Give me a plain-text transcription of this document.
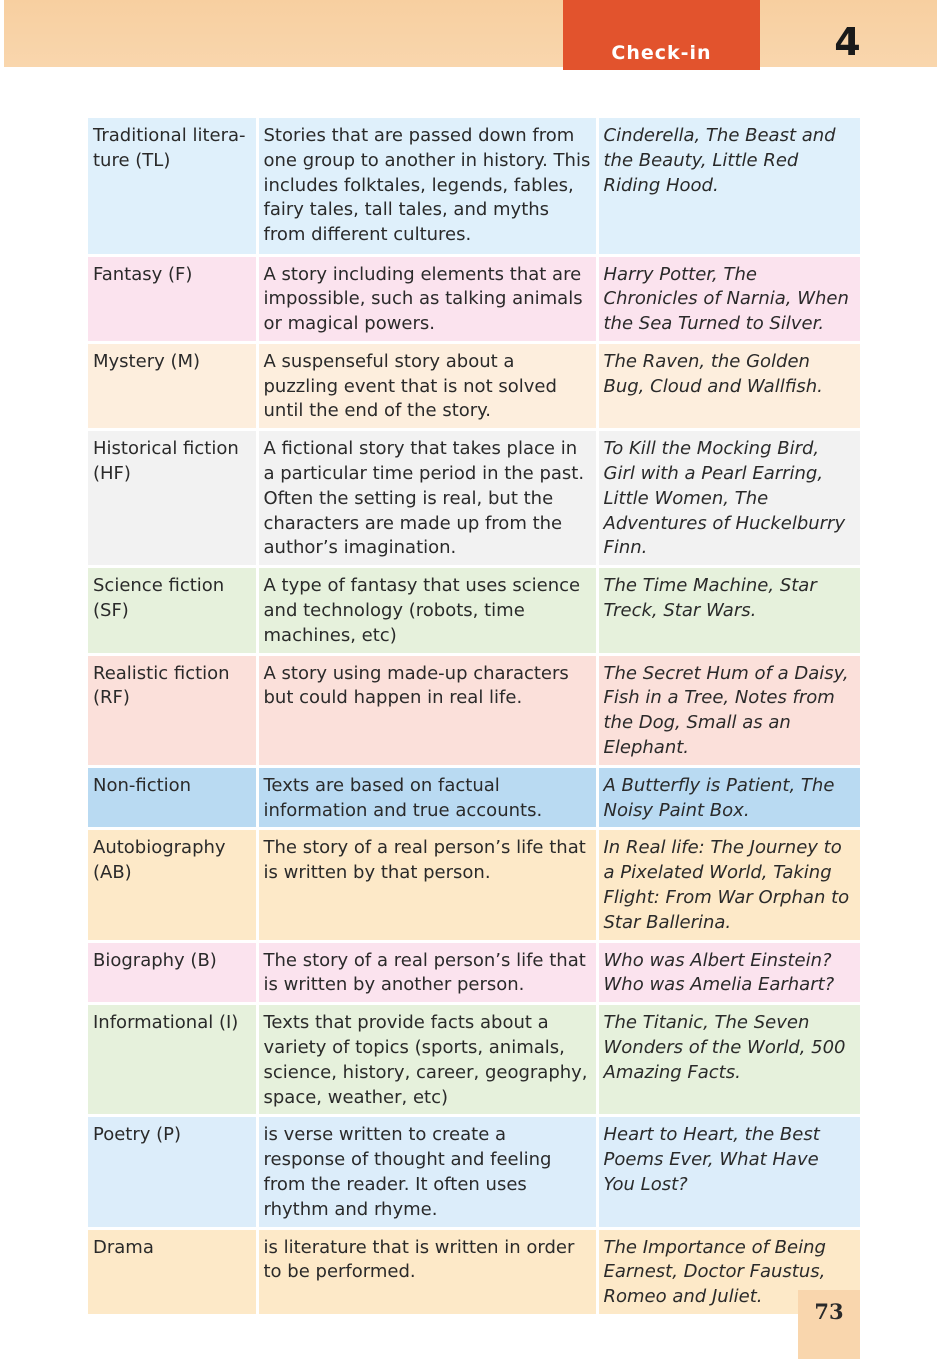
Check-in	4
Traditional litera-ture (TL)	Stories that are passed down from one group to another in history. This includes folktales, legends, fables, fairy tales, tall tales, and myths from different cultures.	Cinderella, The Beast and the Beauty, Little Red Riding Hood.
Fantasy (F)	A story including elements that are impossible, such as talking animals or magical powers.	Harry Potter, The Chronicles of Narnia, When the Sea Turned to Silver.
Mystery (M)	A suspenseful story about a puzzling event that is not solved until the end of the story.	The Raven, the Golden Bug, Cloud and Wallfish.
Historical fiction (HF)	A fictional story that takes place in a particular time period in the past. Often the setting is real, but the characters are made up from the author’s imagination.	To Kill the Mocking Bird, Girl with a Pearl Earring, Little Women, The Adventures of Huckelburry Finn.
Science fiction (SF)	A type of fantasy that uses science and technology (robots, time machines, etc)	The Time Machine, Star Treck, Star Wars.
Realistic fiction (RF)	A story using made-up characters but could happen in real life.	The Secret Hum of a Daisy, Fish in a Tree, Notes from the Dog, Small as an Elephant.
Non-fiction	Texts are based on factual information and true accounts.	A Butterfly is Patient, The Noisy Paint Box.
Autobiography (AB)	The story of a real person’s life that is written by that person.	In Real life: The Journey to a Pixelated World, Taking Flight: From War Orphan to Star Ballerina.
Biography (B)	The story of a real person’s life that is written by another person.	Who was Albert Einstein? Who was Amelia Earhart?
Informational (I)	Texts that provide facts about a variety of topics (sports, animals, science, history, career, geography, space, weather, etc)	The Titanic, The Seven Wonders of the World, 500 Amazing Facts.
Poetry (P)	is verse written to create a response of thought and feeling from the reader. It often uses rhythm and rhyme.	Heart to Heart, the Best Poems Ever, What Have You Lost?
Drama	is literature that is written in order to be performed.	The Importance of Being Earnest, Doctor Faustus, Romeo and Juliet.
73
